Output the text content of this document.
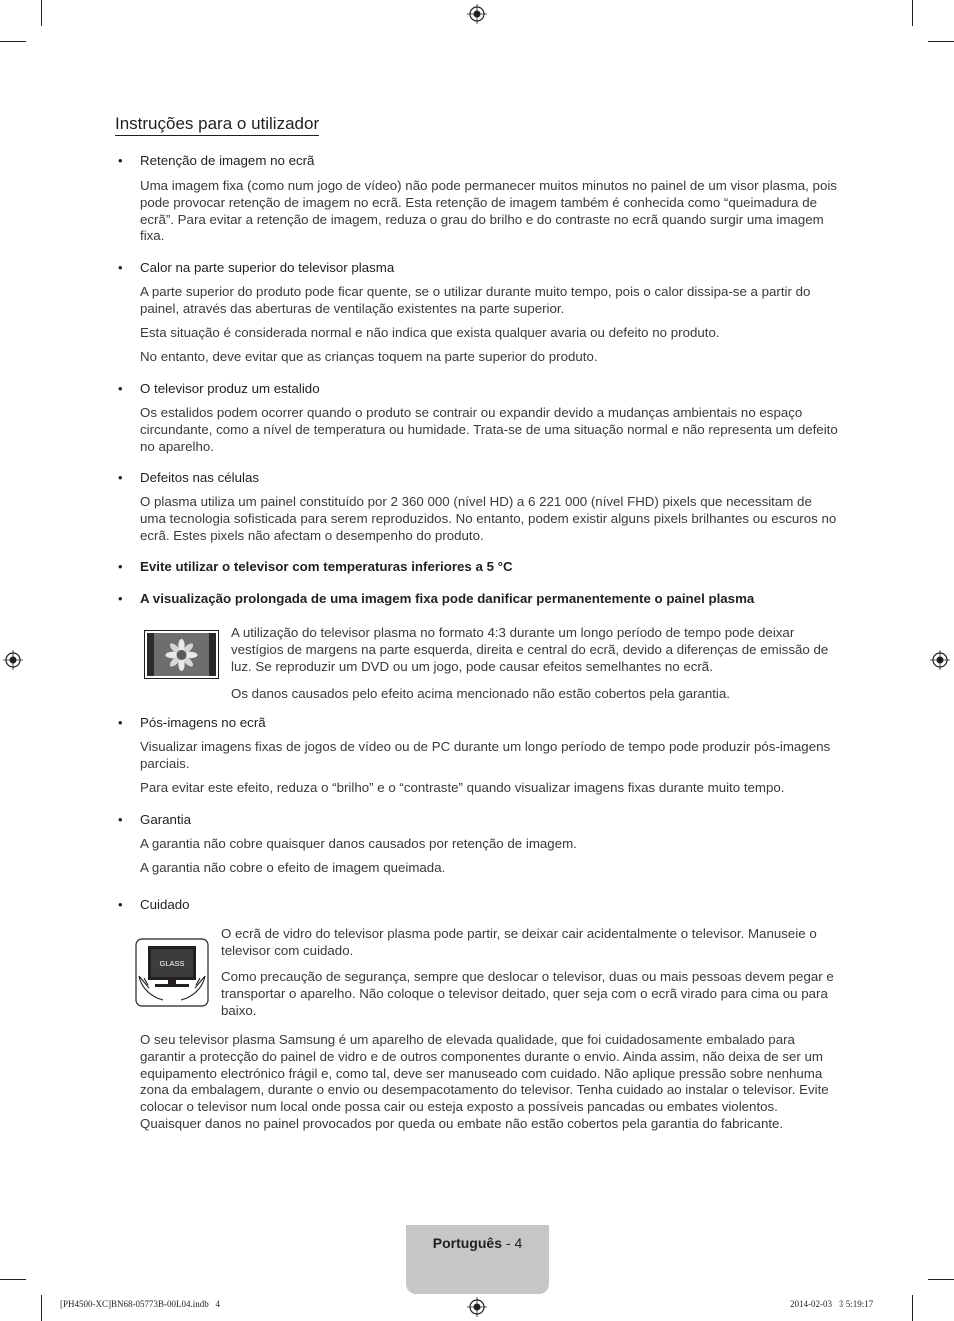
Instruções para o utilizador
• Retenção de imagem no ecrã
Uma imagem fixa (como num jogo de vídeo) não pode permanecer muitos minutos no painel de um visor plasma, pois pode provocar retenção de imagem no ecrã. Esta retenção de imagem também é conhecida como “queimadura de ecrã”. Para evitar a retenção de imagem, reduza o grau do brilho e do contraste no ecrã quando surgir uma imagem fixa.
• Calor na parte superior do televisor plasma
A parte superior do produto pode ficar quente, se o utilizar durante muito tempo, pois o calor dissipa-se a partir do painel, através das aberturas de ventilação existentes na parte superior.
Esta situação é considerada normal e não indica que exista qualquer avaria ou defeito no produto.
No entanto, deve evitar que as crianças toquem na parte superior do produto.
• O televisor produz um estalido
Os estalidos podem ocorrer quando o produto se contrair ou expandir devido a mudanças ambientais no espaço circundante, como a nível de temperatura ou humidade. Trata-se de uma situação normal e não representa um defeito no aparelho.
• Defeitos nas células
O plasma utiliza um painel constituído por 2 360 000 (nível HD) a 6 221 000 (nível FHD) pixels que necessitam de uma tecnologia sofisticada para serem reproduzidos. No entanto, podem existir alguns pixels brilhantes ou escuros no ecrã. Estes pixels não afectam o desempenho do produto.
• Evite utilizar o televisor com temperaturas inferiores a 5 °C
• A visualização prolongada de uma imagem fixa pode danificar permanentemente o painel plasma
A utilização do televisor plasma no formato 4:3 durante um longo período de tempo pode deixar vestígios de margens na parte esquerda, direita e central do ecrã, devido a diferenças de emissão de luz. Se reproduzir um DVD ou um jogo, pode causar efeitos semelhantes no ecrã.
Os danos causados pelo efeito acima mencionado não estão cobertos pela garantia.
• Pós-imagens no ecrã
Visualizar imagens fixas de jogos de vídeo ou de PC durante um longo período de tempo pode produzir pós-imagens parciais.
Para evitar este efeito, reduza o “brilho” e o “contraste” quando visualizar imagens fixas durante muito tempo.
• Garantia
A garantia não cobre quaisquer danos causados por retenção de imagem.
A garantia não cobre o efeito de imagem queimada.
• Cuidado
GLASS
O ecrã de vidro do televisor plasma pode partir, se deixar cair acidentalmente o televisor. Manuseie o televisor com cuidado.
Como precaução de segurança, sempre que deslocar o televisor, duas ou mais pessoas devem pegar e transportar o aparelho. Não coloque o televisor deitado, quer seja com o ecrã virado para cima ou para baixo.
O seu televisor plasma Samsung é um aparelho de elevada qualidade, que foi cuidadosamente embalado para garantir a protecção do painel de vidro e de outros componentes durante o envio. Ainda assim, não deixa de ser um equipamento electrónico frágil e, como tal, deve ser manuseado com cuidado. Não aplique pressão sobre nenhuma zona da embalagem, durante o envio ou desempacotamento do televisor. Tenha cuidado ao instalar o televisor. Evite colocar o televisor num local onde possa cair ou esteja exposto a possíveis pancadas ou embates violentos. Quaisquer danos no painel provocados por queda ou embate não estão cobertos pela garantia do fabricante.
Português - 4
[PH4500-XC]BN68-05773B-00L04.indb   4	2014-02-03   ꕘ 5:19:17
